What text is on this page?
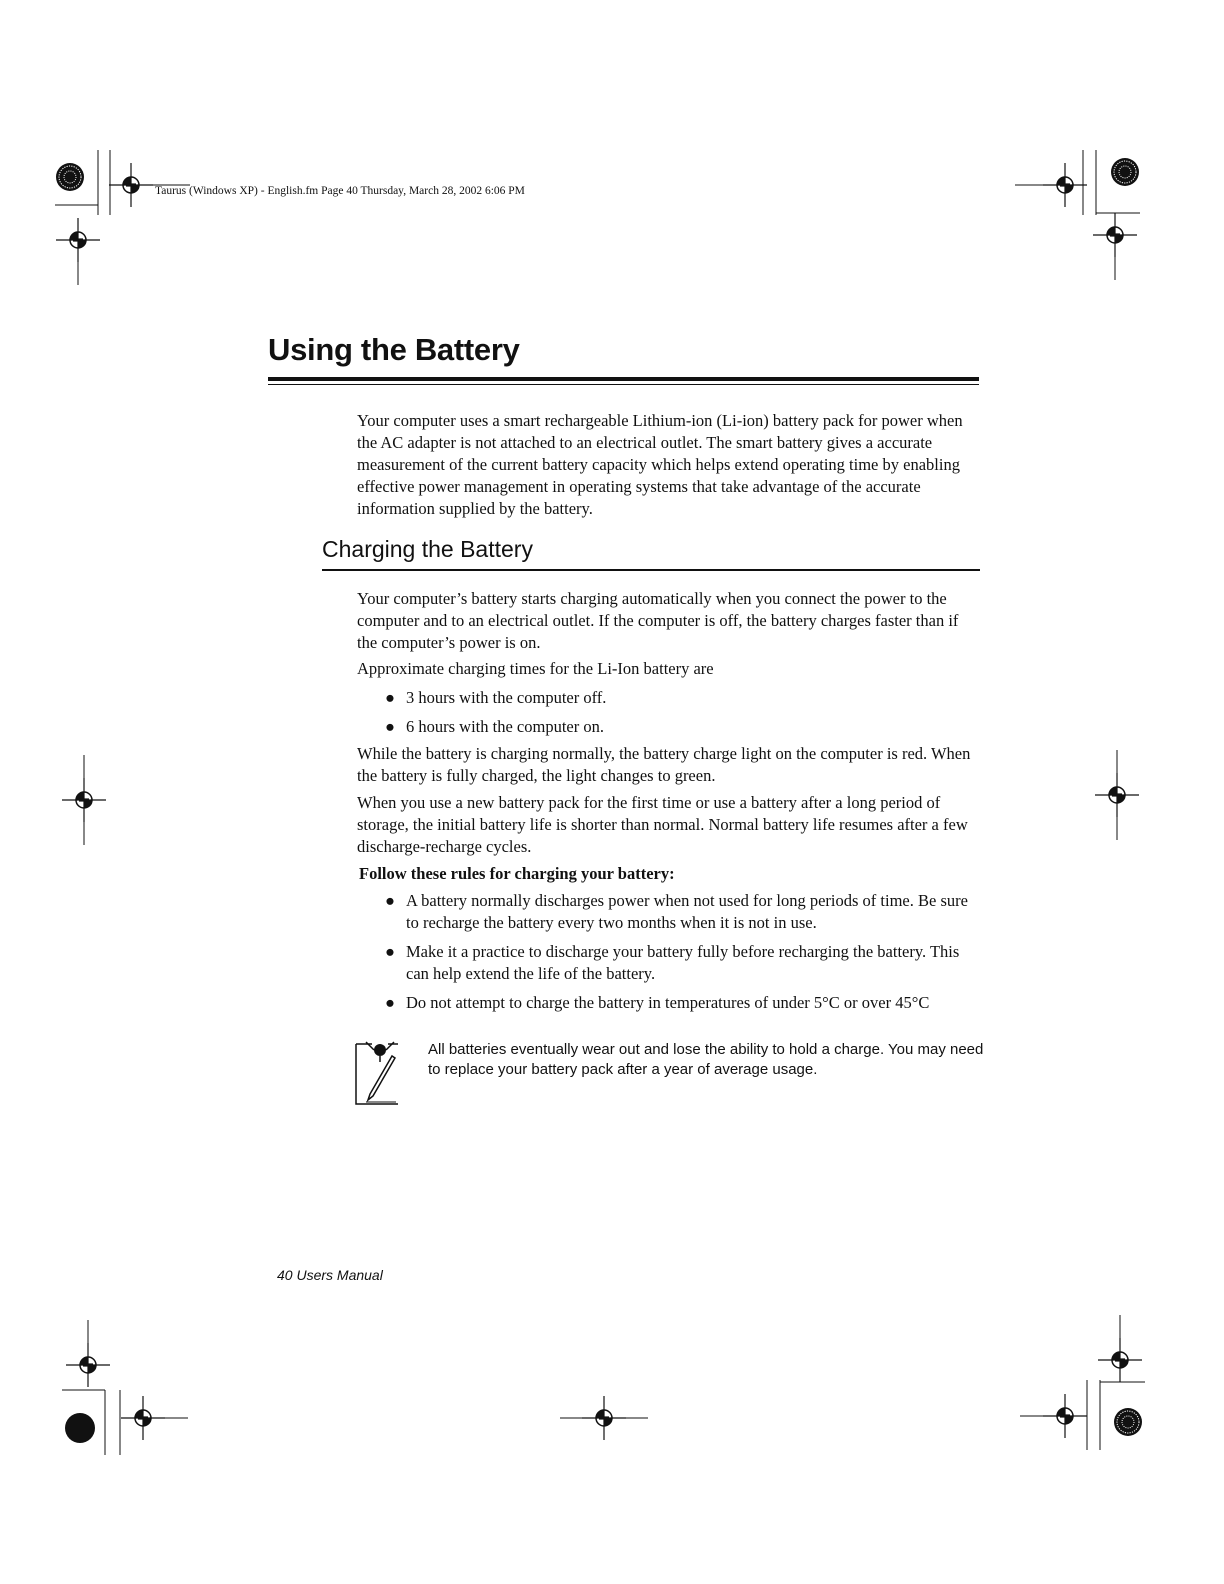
Taurus (Windows XP) - English.fm Page 40 Thursday, March 28, 2002 6:06 PM
Using the Battery

Your computer uses a smart rechargeable Lithium-ion (Li-ion) battery pack for power when the AC adapter is not attached to an electrical outlet. The smart battery gives a accurate measurement of the current battery capacity which helps extend operating time by enabling effective power management in operating systems that take advantage of the accurate information supplied by the battery.

Charging the Battery

Your computer’s battery starts charging automatically when you connect the power to the computer and to an electrical outlet. If the computer is off, the battery charges faster than if the computer’s power is on.

Approximate charging times for the Li-Ion battery are

● 3 hours with the computer off.
● 6 hours with the computer on.

While the battery is charging normally, the battery charge light on the computer is red. When the battery is fully charged, the light changes to green.

When you use a new battery pack for the first time or use a battery after a long period of storage, the initial battery life is shorter than normal. Normal battery life resumes after a few discharge-recharge cycles.

Follow these rules for charging your battery:

● A battery normally discharges power when not used for long periods of time. Be sure to recharge the battery every two months when it is not in use.
● Make it a practice to discharge your battery fully before recharging the battery. This can help extend the life of the battery.
● Do not attempt to charge the battery in temperatures of under 5°C or over 45°C

All batteries eventually wear out and lose the ability to hold a charge. You may need to replace your battery pack after a year of average usage.

40 Users Manual
